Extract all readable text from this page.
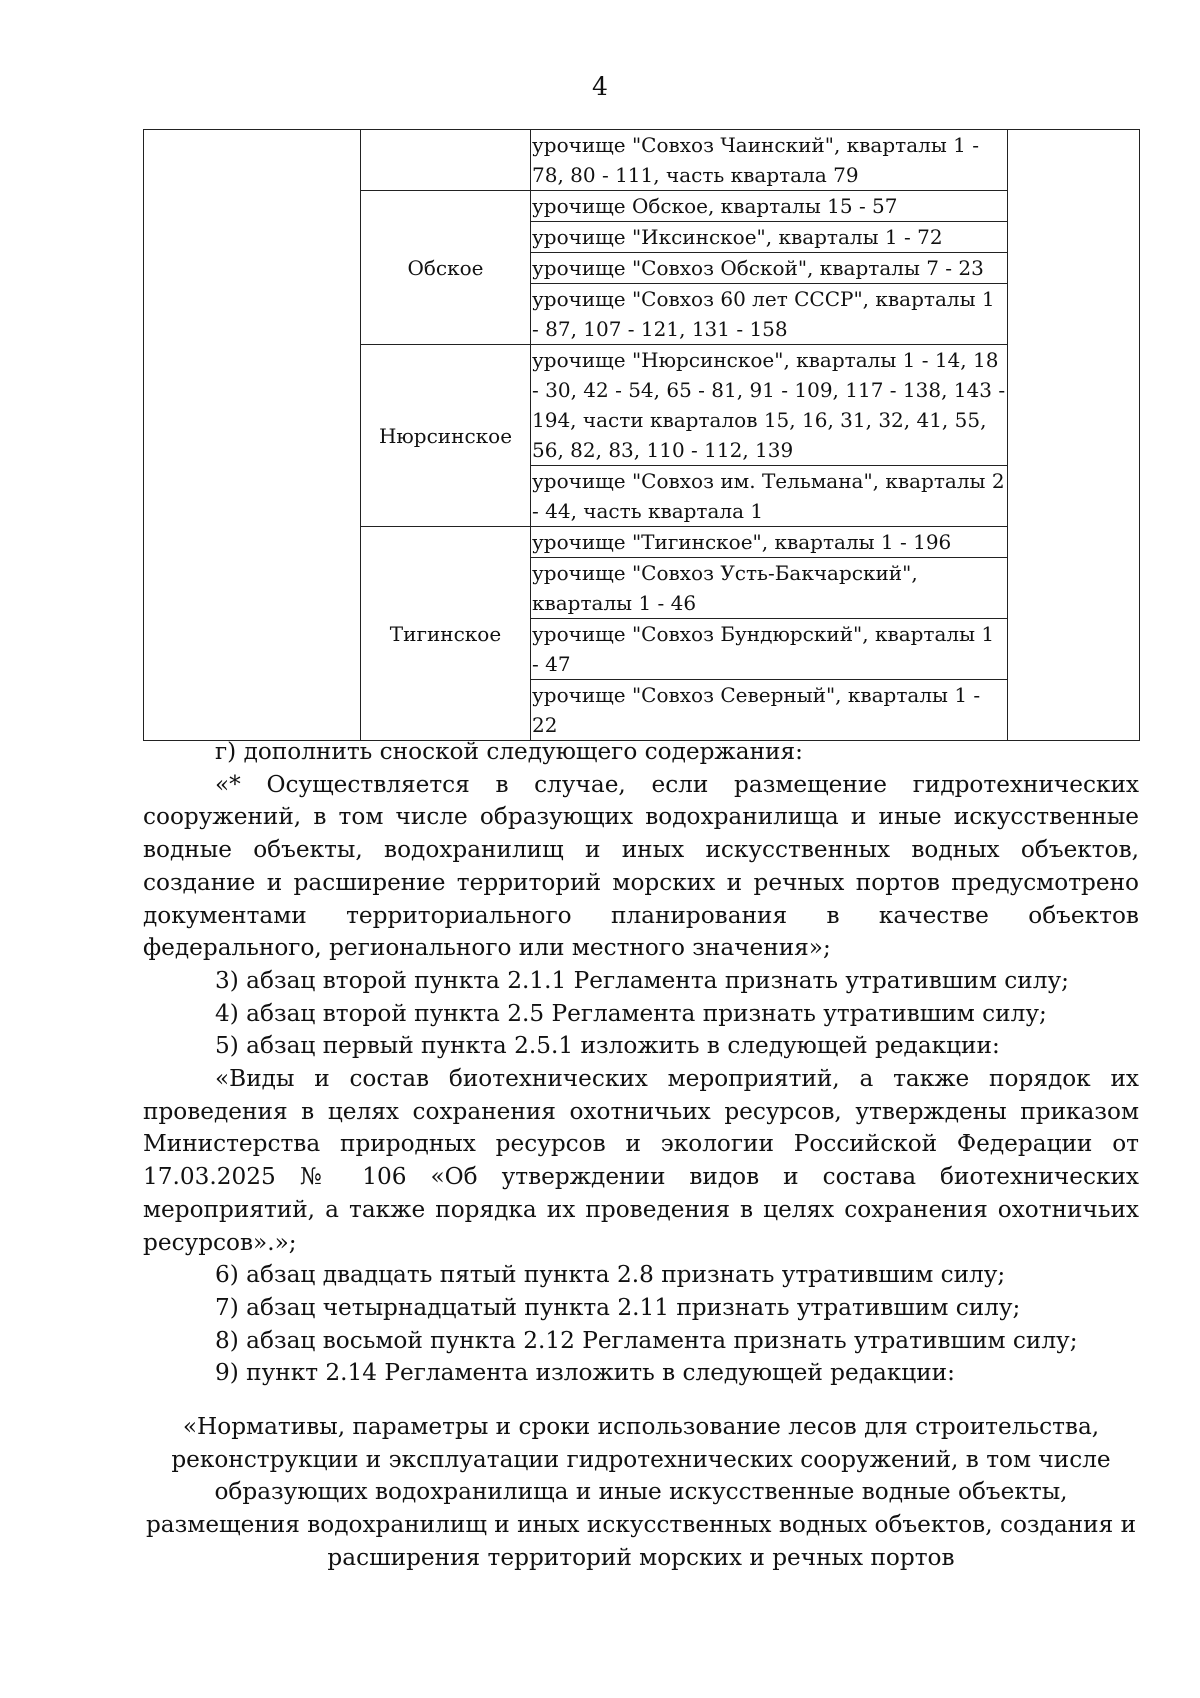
4
		урочище "Совхоз Чаинский", кварталы 1 - 78, 80 - 111, часть квартала 79	
	Обское	урочище Обское, кварталы 15 - 57	
		урочище "Иксинское", кварталы 1 - 72	
		урочище "Совхоз Обской", кварталы 7 - 23	
		урочище "Совхоз 60 лет СССР", кварталы 1 - 87, 107 - 121, 131 - 158	
	Нюрсинское	урочище "Нюрсинское", кварталы 1 - 14, 18 - 30, 42 - 54, 65 - 81, 91 - 109, 117 - 138, 143 - 194, части кварталов 15, 16, 31, 32, 41, 55, 56, 82, 83, 110 - 112, 139	
		урочище "Совхоз им. Тельмана", кварталы 2 - 44, часть квартала 1	
	Тигинское	урочище "Тигинское", кварталы 1 - 196	
		урочище "Совхоз Усть-Бакчарский", кварталы 1 - 46	
		урочище "Совхоз Бундюрский", кварталы 1 - 47	
		урочище "Совхоз Северный", кварталы 1 - 22	

г) дополнить сноской следующего содержания:

«* Осуществляется в случае, если размещение гидротехнических сооружений, в том числе образующих водохранилища и иные искусственные водные объекты, водохранилищ и иных искусственных водных объектов, создание и расширение территорий морских и речных портов предусмотрено документами территориального планирования в качестве объектов федерального, регионального или местного значения»;

3) абзац второй пункта 2.1.1 Регламента признать утратившим силу;

4) абзац второй пункта 2.5 Регламента признать утратившим силу;

5) абзац первый пункта 2.5.1 изложить в следующей редакции:

«Виды и состав биотехнических мероприятий, а также порядок их проведения в целях сохранения охотничьих ресурсов, утверждены приказом Министерства природных ресурсов и экологии Российской Федерации от 17.03.2025 № 106 «Об утверждении видов и состава биотехнических мероприятий, а также порядка их проведения в целях сохранения охотничьих ресурсов».»;

6) абзац двадцать пятый пункта 2.8 признать утратившим силу;

7) абзац четырнадцатый пункта 2.11 признать утратившим силу;

8) абзац восьмой пункта 2.12 Регламента признать утратившим силу;

9) пункт 2.14 Регламента изложить в следующей редакции:

«Нормативы, параметры и сроки использование лесов для строительства, реконструкции и эксплуатации гидротехнических сооружений, в том числе образующих водохранилища и иные искусственные водные объекты, размещения водохранилищ и иных искусственных водных объектов, создания и расширения территорий морских и речных портов
